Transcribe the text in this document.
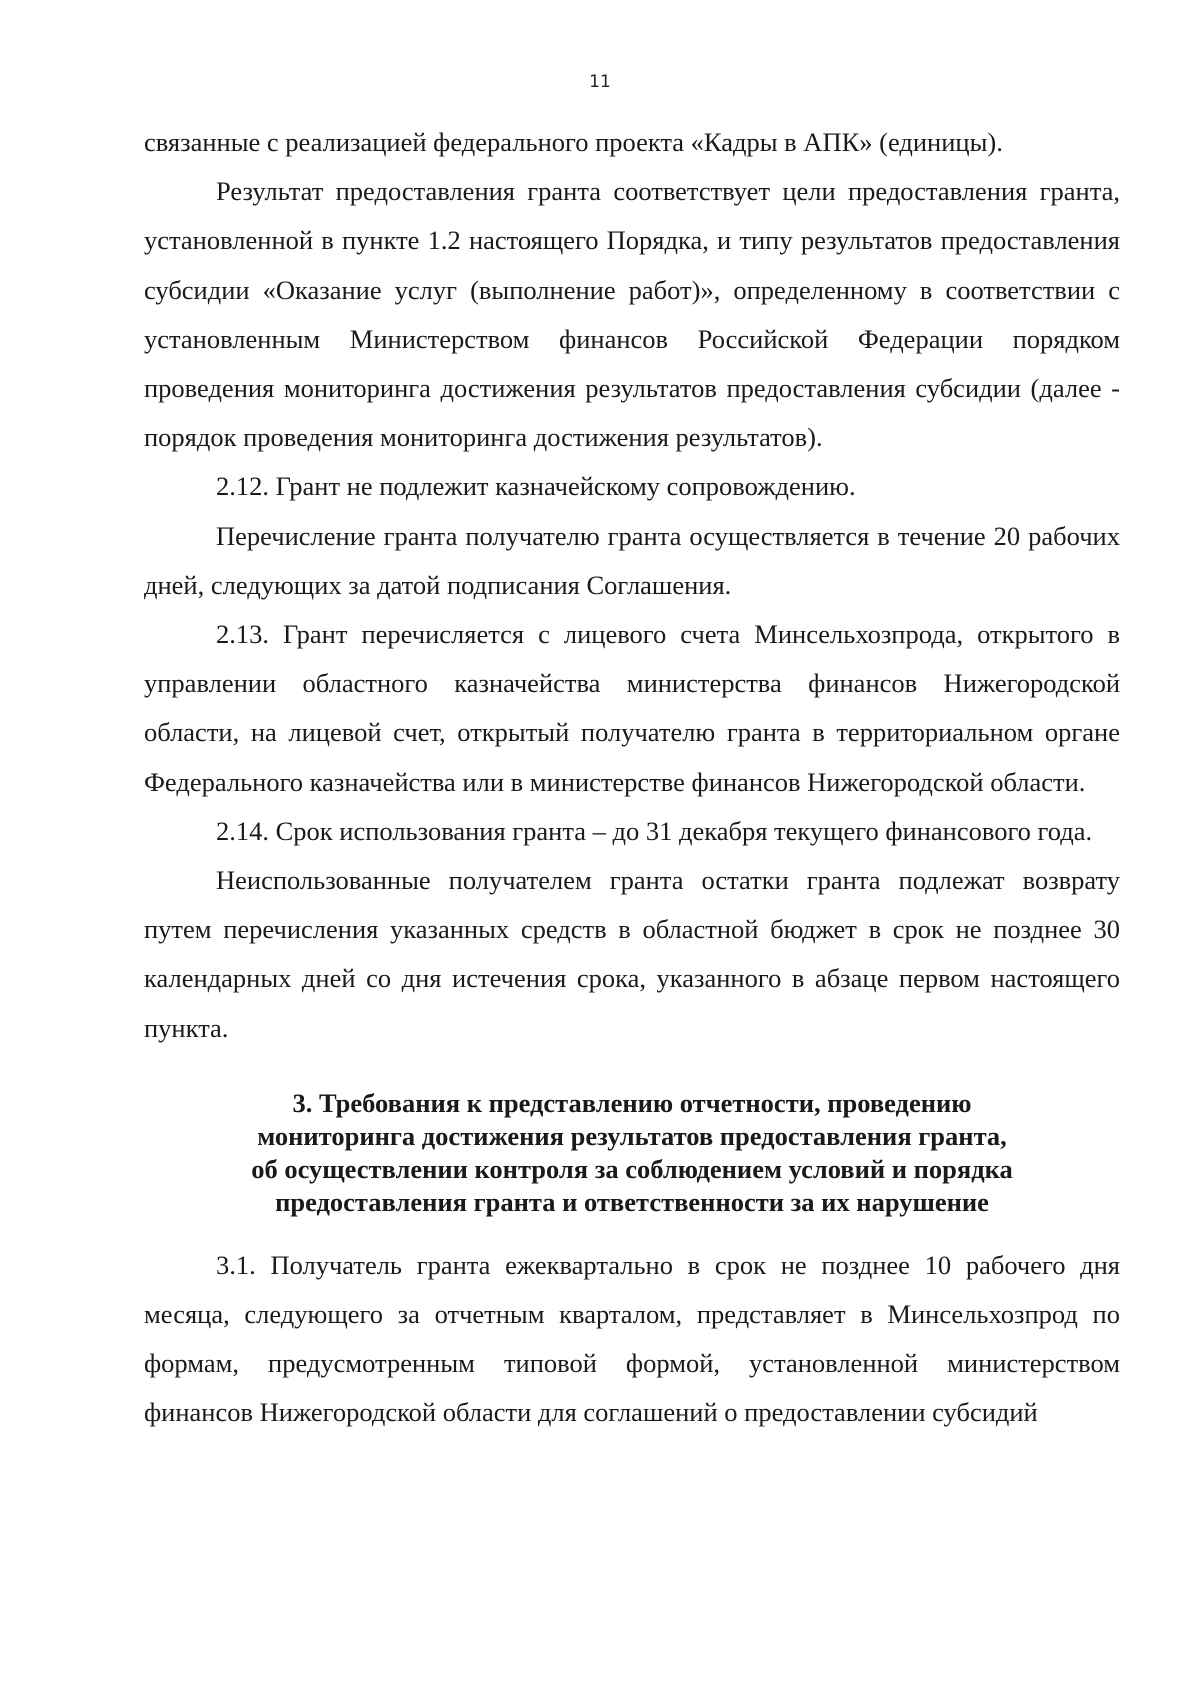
11

связанные с реализацией федерального проекта «Кадры в АПК» (единицы).

Результат предоставления гранта соответствует цели предоставления гранта, установленной в пункте 1.2 настоящего Порядка, и типу результатов предоставления субсидии «Оказание услуг (выполнение работ)», определенному в соответствии с установленным Министерством финансов Российской Федерации порядком проведения мониторинга достижения результатов предоставления субсидии (далее - порядок проведения мониторинга достижения результатов).

2.12. Грант не подлежит казначейскому сопровождению.

Перечисление гранта получателю гранта осуществляется в течение 20 рабочих дней, следующих за датой подписания Соглашения.

2.13. Грант перечисляется с лицевого счета Минсельхозпрода, открытого в управлении областного казначейства министерства финансов Нижегородской области, на лицевой счет, открытый получателю гранта в территориальном органе Федерального казначейства или в министерстве финансов Нижегородской области.

2.14. Срок использования гранта – до 31 декабря текущего финансового года.

Неиспользованные получателем гранта остатки гранта подлежат возврату путем перечисления указанных средств в областной бюджет в срок не позднее 30 календарных дней со дня истечения срока, указанного в абзаце первом настоящего пункта.

3. Требования к представлению отчетности, проведению
мониторинга достижения результатов предоставления гранта,
об осуществлении контроля за соблюдением условий и порядка
предоставления гранта и ответственности за их нарушение

3.1. Получатель гранта ежеквартально в срок не позднее 10 рабочего дня месяца, следующего за отчетным кварталом, представляет в Минсельхозпрод по формам, предусмотренным типовой формой, установленной министерством финансов Нижегородской области для соглашений о предоставлении субсидий
